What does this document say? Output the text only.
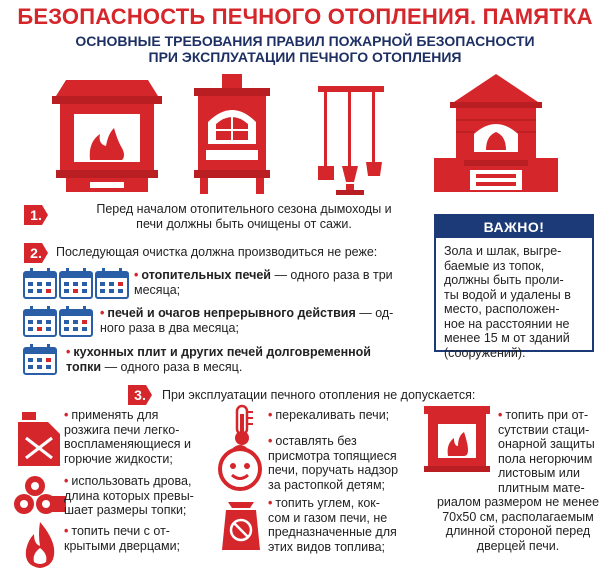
БЕЗОПАСНОСТЬ ПЕЧНОГО ОТОПЛЕНИЯ. ПАМЯТКА
ОСНОВНЫЕ ТРЕБОВАНИЯ ПРАВИЛ ПОЖАРНОЙ БЕЗОПАСНОСТИ
ПРИ ЭКСПЛУАТАЦИИ ПЕЧНОГО ОТОПЛЕНИЯ
1.	Перед началом отопительного сезона дымоходы и
печи должны быть очищены от сажи.
2.	Последующая очистка должна производиться не реже:
• отопительных печей — одного раза в три
месяца;
• печей и очагов непрерывного действия — од-
ного раза в два месяца;
• кухонных плит и других печей долговременной
топки — одного раза в месяц.
ВАЖНО!
Зола и шлак, выгре-
баемые из топок,
должны быть проли-
ты водой и удалены в
место, расположен-
ное на расстоянии не
менее 15 м от зданий
(сооружений).
3.	При эксплуатации печного отопления не допускается:
• применять для
розжига печи легко-
воспламеняющиеся и
горючие жидкости;
• использовать дрова,
длина которых превы-
шает размеры топки;
• топить печи с от-
крытыми дверцами;
• перекаливать печи;
• оставлять без
присмотра топящиеся
печи, поручать надзор
за растопкой детям;
• топить углем, кок-
сом и газом печи, не
предназначенные для
этих видов топлива;
• топить при от-
сутствии стаци-
онарной защиты
пола негорючим
листовым или
плитным мате-
риалом размером не менее
70х50 см, располагаемым
длинной стороной перед
дверцей печи.
